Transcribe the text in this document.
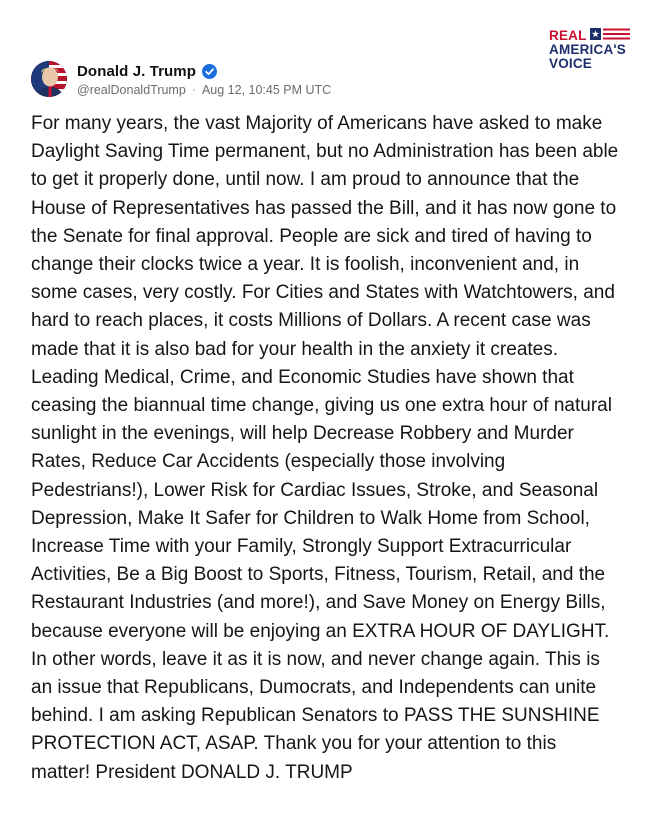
REAL
AMERICA'S
VOICE
Donald J. Trump
@realDonaldTrump · Aug 12, 10:45 PM UTC
For many years, the vast Majority of Americans have asked to make
Daylight Saving Time permanent, but no Administration has been able
to get it properly done, until now. I am proud to announce that the
House of Representatives has passed the Bill, and it has now gone to
the Senate for final approval. People are sick and tired of having to
change their clocks twice a year. It is foolish, inconvenient and, in
some cases, very costly. For Cities and States with Watchtowers, and
hard to reach places, it costs Millions of Dollars. A recent case was
made that it is also bad for your health in the anxiety it creates.
Leading Medical, Crime, and Economic Studies have shown that
ceasing the biannual time change, giving us one extra hour of natural
sunlight in the evenings, will help Decrease Robbery and Murder
Rates, Reduce Car Accidents (especially those involving
Pedestrians!), Lower Risk for Cardiac Issues, Stroke, and Seasonal
Depression, Make It Safer for Children to Walk Home from School,
Increase Time with your Family, Strongly Support Extracurricular
Activities, Be a Big Boost to Sports, Fitness, Tourism, Retail, and the
Restaurant Industries (and more!), and Save Money on Energy Bills,
because everyone will be enjoying an EXTRA HOUR OF DAYLIGHT.
In other words, leave it as it is now, and never change again. This is
an issue that Republicans, Dumocrats, and Independents can unite
behind. I am asking Republican Senators to PASS THE SUNSHINE
PROTECTION ACT, ASAP. Thank you for your attention to this
matter! President DONALD J. TRUMP
